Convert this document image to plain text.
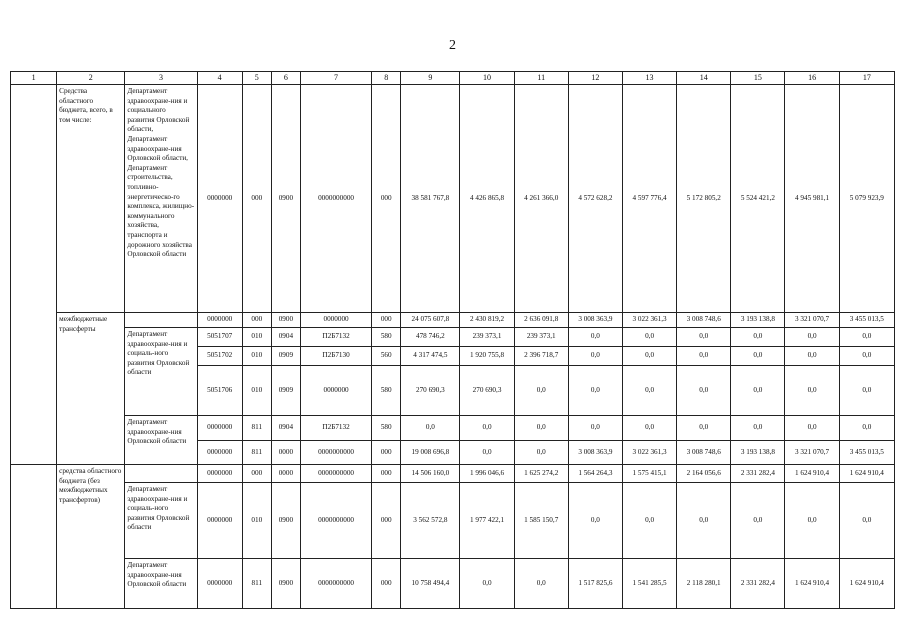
2
1	2	3	4	5	6	7	8	9	10	11	12	13	14	15	16	17
	Средства областного бюджета, всего, в том числе:	Департамент здравоохране-ния и социального развития Орловской области, Департамент здравоохране-ния Орловской области, Департамент строительства, топливно-энергетическо-го комплекса, жилищно-коммунального хозяйства, транспорта и дорожного хозяйства Орловской области	0000000	000	0900	0000000000	000	38 581 767,8	4 426 865,8	4 261 366,0	4 572 628,2	4 597 776,4	5 172 805,2	5 524 421,2	4 945 981,1	5 079 923,9
	межбюджетные трансферты		0000000	000	0900	0000000	000	24 075 607,8	2 430 819,2	2 636 091,8	3 008 363,9	3 022 361,3	3 008 748,6	3 193 138,8	3 321 070,7	3 455 013,5
		Департамент здравоохране-ния и социаль-ного развития Орловской области	5051707	010	0904	П2Б7132	580	478 746,2	239 373,1	239 373,1	0,0	0,0	0,0	0,0	0,0	0,0
			5051702	010	0909	П2Б7130	560	4 317 474,5	1 920 755,8	2 396 718,7	0,0	0,0	0,0	0,0	0,0	0,0
			5051706	010	0909	0000000	580	270 690,3	270 690,3	0,0	0,0	0,0	0,0	0,0	0,0	0,0
		Департамент здравоохране-ния Орловской области	0000000	811	0904	П2Б7132	580	0,0	0,0	0,0	0,0	0,0	0,0	0,0	0,0	0,0
			0000000	811	0000	0000000000	000	19 008 696,8	0,0	0,0	3 008 363,9	3 022 361,3	3 008 748,6	3 193 138,8	3 321 070,7	3 455 013,5
	средства областного бюджета (без межбюджетных трансфертов)		0000000	000	0000	0000000000	000	14 506 160,0	1 996 046,6	1 625 274,2	1 564 264,3	1 575 415,1	2 164 056,6	2 331 282,4	1 624 910,4	1 624 910,4
		Департамент здравоохране-ния и социаль-ного развития Орловской области	0000000	010	0900	0000000000	000	3 562 572,8	1 977 422,1	1 585 150,7	0,0	0,0	0,0	0,0	0,0	0,0
		Департамент здравоохране-ния Орловской области	0000000	811	0900	0000000000	000	10 758 494,4	0,0	0,0	1 517 825,6	1 541 285,5	2 118 280,1	2 331 282,4	1 624 910,4	1 624 910,4
